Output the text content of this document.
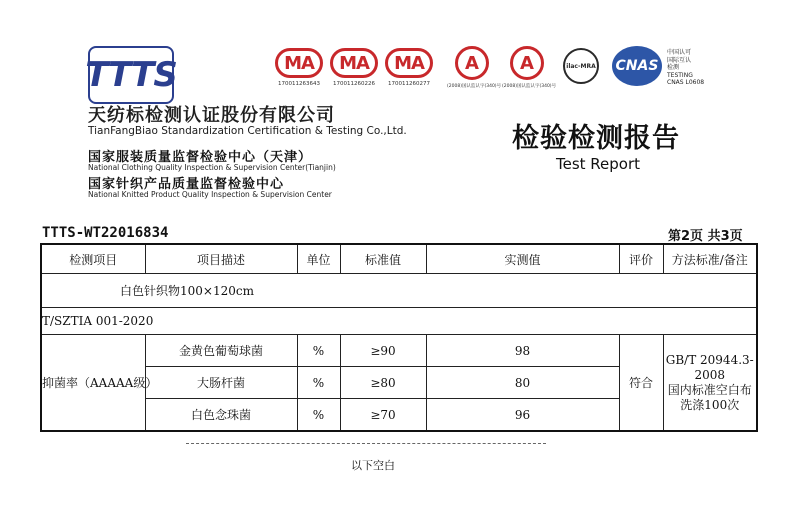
TTTS
天纺标检测认证股份有限公司
TianFangBiao Standardization Certification & Testing Co.,Ltd.
国家服装质量监督检验中心（天津）
National Clothing Quality Inspection & Supervision Center(Tianjin)
国家针织产品质量监督检验中心
National Knitted Product Quality Inspection & Supervision Center
MA
170011263643
MA
170011260226
MA
170011260277
A
(2008)国认监认字(340)号
A
(2008)国认监认字(340)号
ilac-MRA CNAS
中国认可
国际互认
检测
TESTING
CNAS L0608
检验检测报告
Test Report
TTTS-WT22016834	第2页 共3页
检测项目	项目描述	单位	标准值	实测值	评价	方法标准/备注
白色针织物100×120cm						
T/SZTIA 001-2020						
抑菌率（AAAAA级）	金黄色葡萄球菌	%	≥90	98	符合	GB/T 20944.3-2008
国内标准空白布
洗涤100次

	大肠杆菌	%	≥80	80		
	白色念珠菌	%	≥70	96		
以下空白
